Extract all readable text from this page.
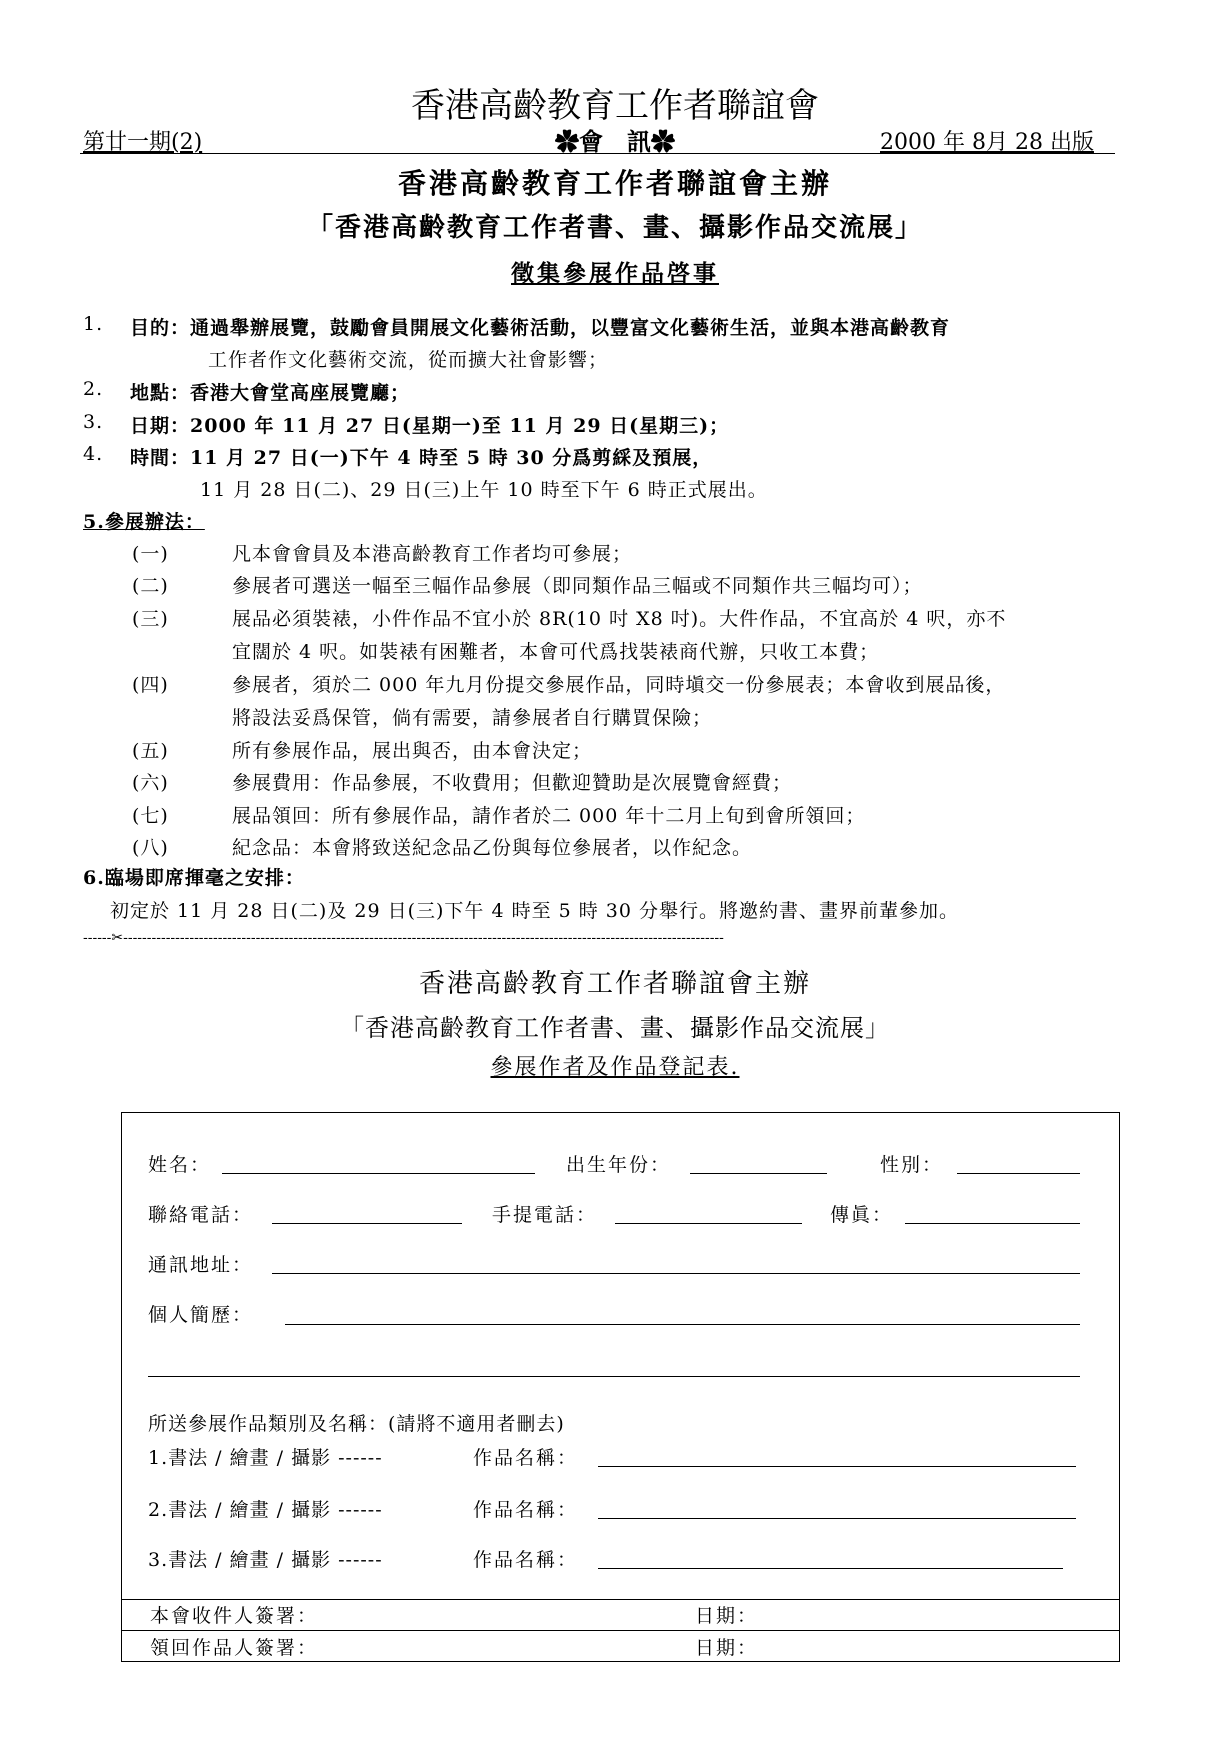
香港高齡教育工作者聯誼會
第廿一期(2)	✿會　訊✿	2000 年 8月 28 出版
香港高齡教育工作者聯誼會主辦
「香港高齡教育工作者書、畫、攝影作品交流展」
徵集參展作品啓事
1. 目的：通過舉辦展覽，鼓勵會員開展文化藝術活動，以豐富文化藝術生活，並與本港高齡教育
工作者作文化藝術交流，從而擴大社會影響；
2. 地點：香港大會堂高座展覽廳；
3. 日期：2000 年 11 月 27 日(星期一)至 11 月 29 日(星期三)；
4. 時間：11 月 27 日(一)下午 4 時至 5 時 30 分爲剪綵及預展，
11 月 28 日(二)、29 日(三)上午 10 時至下午 6 時正式展出。
5.參展辦法：
(一)	凡本會會員及本港高齡教育工作者均可參展；
(二)	參展者可選送一幅至三幅作品參展（即同類作品三幅或不同類作共三幅均可）；
(三)	展品必須裝裱，小件作品不宜小於 8R(10 吋 X8 吋)。大件作品，不宜高於 4 呎，亦不
宜闊於 4 呎。如裝裱有困難者，本會可代爲找裝裱商代辦，只收工本費；
(四)	參展者，須於二 000 年九月份提交參展作品，同時塡交一份參展表；本會收到展品後，
將設法妥爲保管，倘有需要，請參展者自行購買保險；
(五)	所有參展作品，展出與否，由本會決定；
(六)	參展費用：作品參展，不收費用；但歡迎贊助是次展覽會經費；
(七)	展品領回：所有參展作品，請作者於二 000 年十二月上旬到會所領回；
(八)	紀念品：本會將致送紀念品乙份與每位參展者，以作紀念。
6.臨場即席揮毫之安排：
初定於 11 月 28 日(二)及 29 日(三)下午 4 時至 5 時 30 分舉行。將邀約書、畫界前輩參加。
------✂-------------------------------------------------------------------------------------------------------------------------------
香港高齡教育工作者聯誼會主辦
「香港高齡教育工作者書、畫、攝影作品交流展」
參展作者及作品登記表.
姓名：	出生年份：	性別：
聯絡電話：	手提電話：	傳眞：
通訊地址：
個人簡歷：
所送參展作品類別及名稱：(請將不適用者刪去)
1.書法 / 繪畫 / 攝影 ------	作品名稱：
2.書法 / 繪畫 / 攝影 ------	作品名稱：
3.書法 / 繪畫 / 攝影 ------	作品名稱：
本會收件人簽署：	日期：
領回作品人簽署：	日期：
